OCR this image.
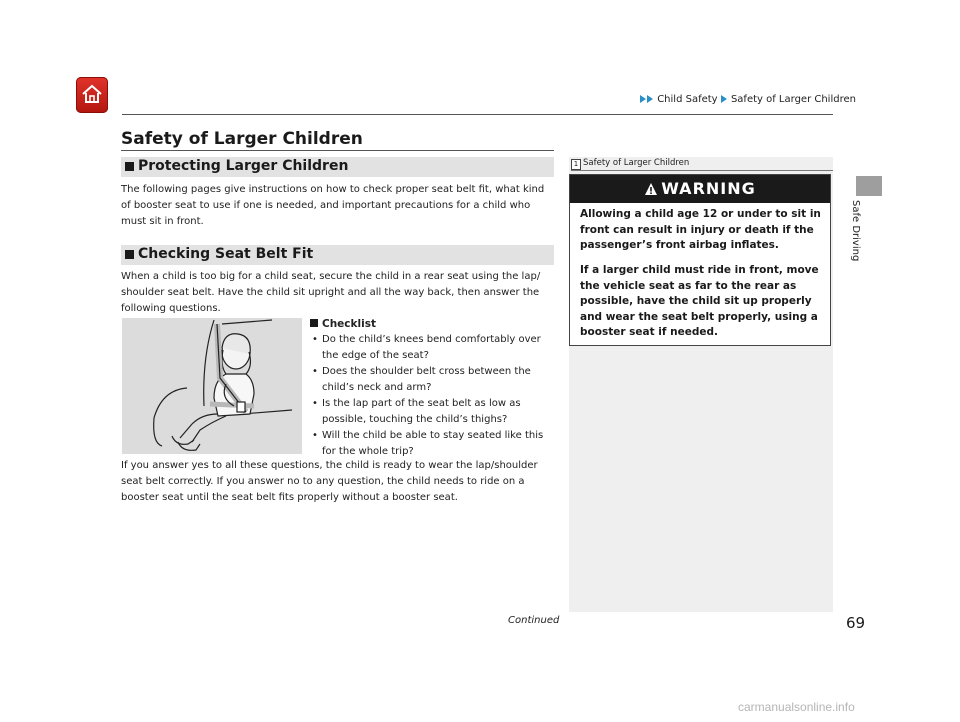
Child Safety Safety of Larger Children
Safe Driving
Safety of Larger Children
Protecting Larger Children
The following pages give instructions on how to check proper seat belt fit, what kind of booster seat to use if one is needed, and important precautions for a child who must sit in front.
Checking Seat Belt Fit
When a child is too big for a child seat, secure the child in a rear seat using the lap/ shoulder seat belt. Have the child sit upright and all the way back, then answer the following questions.
Checklist
• Do the child’s knees bend comfortably over the edge of the seat?
• Does the shoulder belt cross between the child’s neck and arm?
• Is the lap part of the seat belt as low as possible, touching the child’s thighs?
• Will the child be able to stay seated like this for the whole trip?
If you answer yes to all these questions, the child is ready to wear the lap/shoulder seat belt correctly. If you answer no to any question, the child needs to ride on a booster seat until the seat belt fits properly without a booster seat.
1 Safety of Larger Children
WARNING
Allowing a child age 12 or under to sit in front can result in injury or death if the passenger’s front airbag inflates.
If a larger child must ride in front, move the vehicle seat as far to the rear as possible, have the child sit up properly and wear the seat belt properly, using a booster seat if needed.
Continued	69
carmanualsonline.info
